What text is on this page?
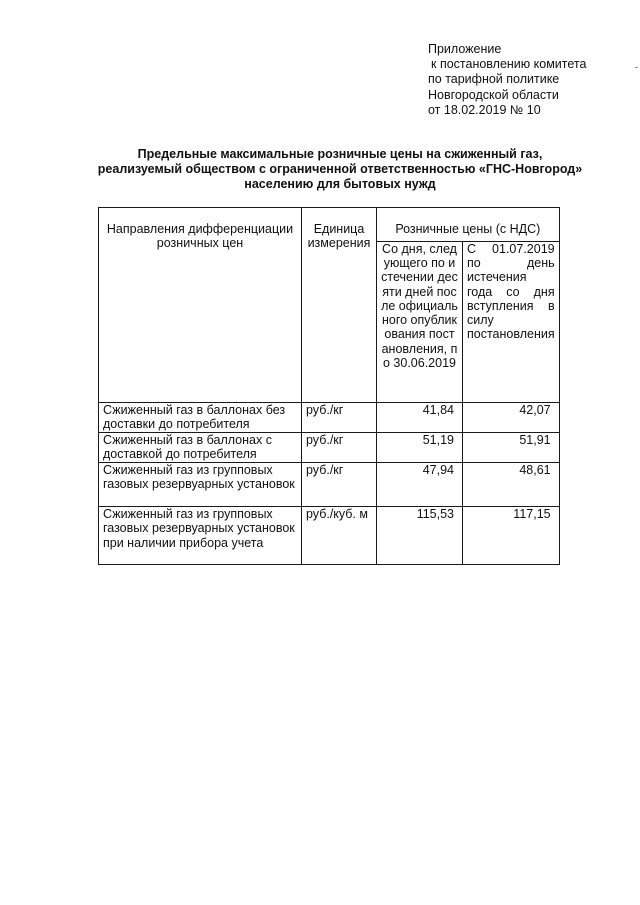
-
Приложение
к постановлению комитета
по тарифной политике
Новгородской области
от 18.02.2019 № 10
Предельные максимальные розничные цены на сжиженный газ,
реализуемый обществом с ограниченной ответственностью «ГНС-Новгород»
населению для бытовых нужд
Направления дифференциации розничных цен	Единица измерения	Розничные цены (с НДС)	
		Со дня, следующего по истечении десяти дней после официального опубликования постановления, по 30.06.2019	С 01.07.2019 по день истечения года со дня вступления в силу постановления
Сжиженный газ в баллонах без доставки до потребителя	руб./кг	41,84	42,07
Сжиженный газ в баллонах с доставкой до потребителя	руб./кг	51,19	51,91
Сжиженный газ из групповых газовых резервуарных установок	руб./кг	47,94	48,61
Сжиженный газ из групповых газовых резервуарных установок при наличии прибора учета	руб./куб. м	115,53	117,15
